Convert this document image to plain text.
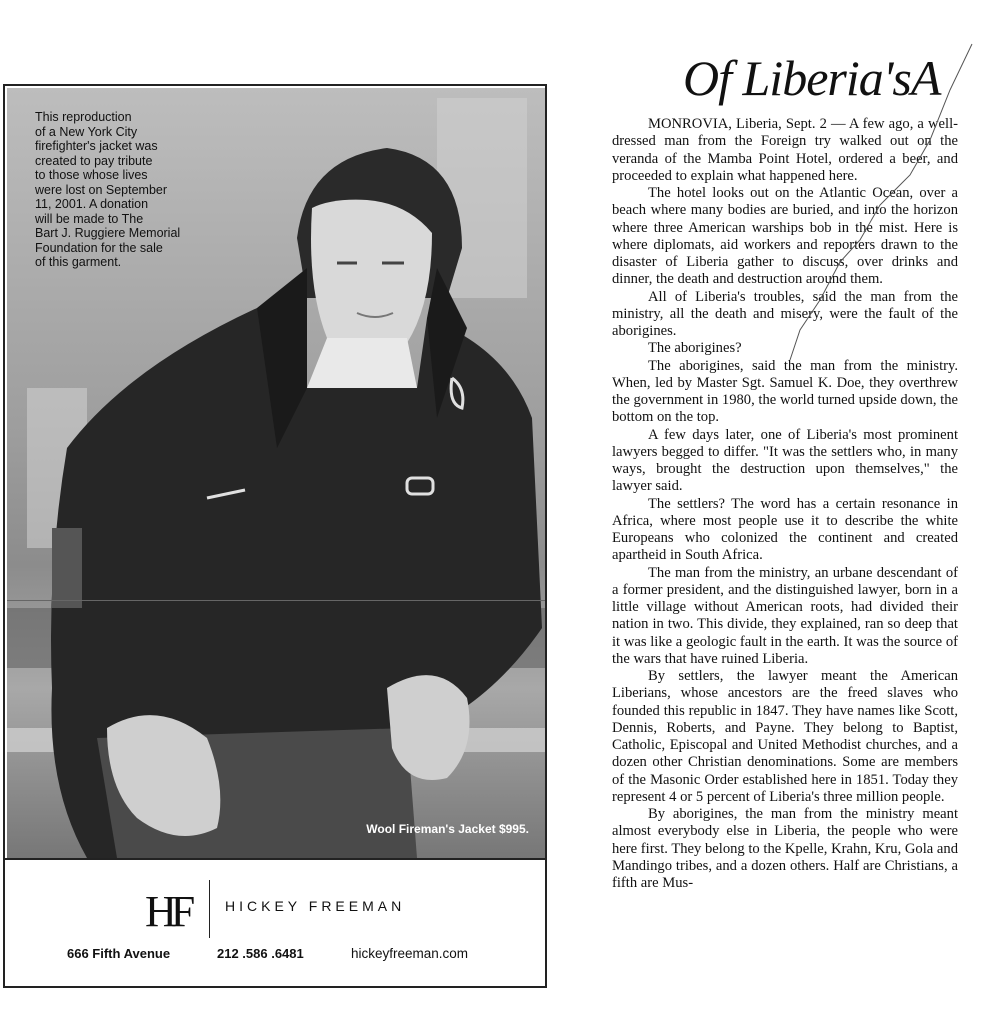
This reproduction
of a New York City
firefighter's jacket was
created to pay tribute
to those whose lives
were lost on September
11, 2001. A donation
will be made to The
Bart J. Ruggiere Memorial
Foundation for the sale
of this garment.
Wool Fireman's Jacket $995.
HF	HICKEY FREEMAN
666 Fifth Avenue	212 .586 .6481	hickeyfreeman.com
Of Liberia'sA

MONROVIA, Liberia, Sept. 2 — A few ago, a well-dressed man from the Foreign try walked out on the veranda of the Mamba Point Hotel, ordered a beer, and proceeded to explain what happened here.

The hotel looks out on the Atlantic Ocean, over a beach where many bodies are buried, and into the horizon where three American warships bob in the mist. Here is where diplomats, aid workers and reporters drawn to the disaster of Liberia gather to discuss, over drinks and dinner, the death and destruction around them.

All of Liberia's troubles, said the man from the ministry, all the death and misery, were the fault of the aborigines.

The aborigines?

The aborigines, said the man from the ministry. When, led by Master Sgt. Samuel K. Doe, they overthrew the government in 1980, the world turned upside down, the bottom on the top.

A few days later, one of Liberia's most prominent lawyers begged to differ. "It was the settlers who, in many ways, brought the destruction upon themselves," the lawyer said.

The settlers? The word has a certain resonance in Africa, where most people use it to describe the white Europeans who colonized the continent and created apartheid in South Africa.

The man from the ministry, an urbane descendant of a former president, and the distinguished lawyer, born in a little village without American roots, had divided their nation in two. This divide, they explained, ran so deep that it was like a geologic fault in the earth. It was the source of the wars that have ruined Liberia.

By settlers, the lawyer meant the American Liberians, whose ancestors are the freed slaves who founded this republic in 1847. They have names like Scott, Dennis, Roberts, and Payne. They belong to Baptist, Catholic, Episcopal and United Methodist churches, and a dozen other Christian denominations. Some are members of the Masonic Order established here in 1851. Today they represent 4 or 5 percent of Liberia's three million people.

By aborigines, the man from the ministry meant almost everybody else in Liberia, the people who were here first. They belong to the Kpelle, Krahn, Kru, Gola and Mandingo tribes, and a dozen others. Half are Christians, a fifth are Mus-
